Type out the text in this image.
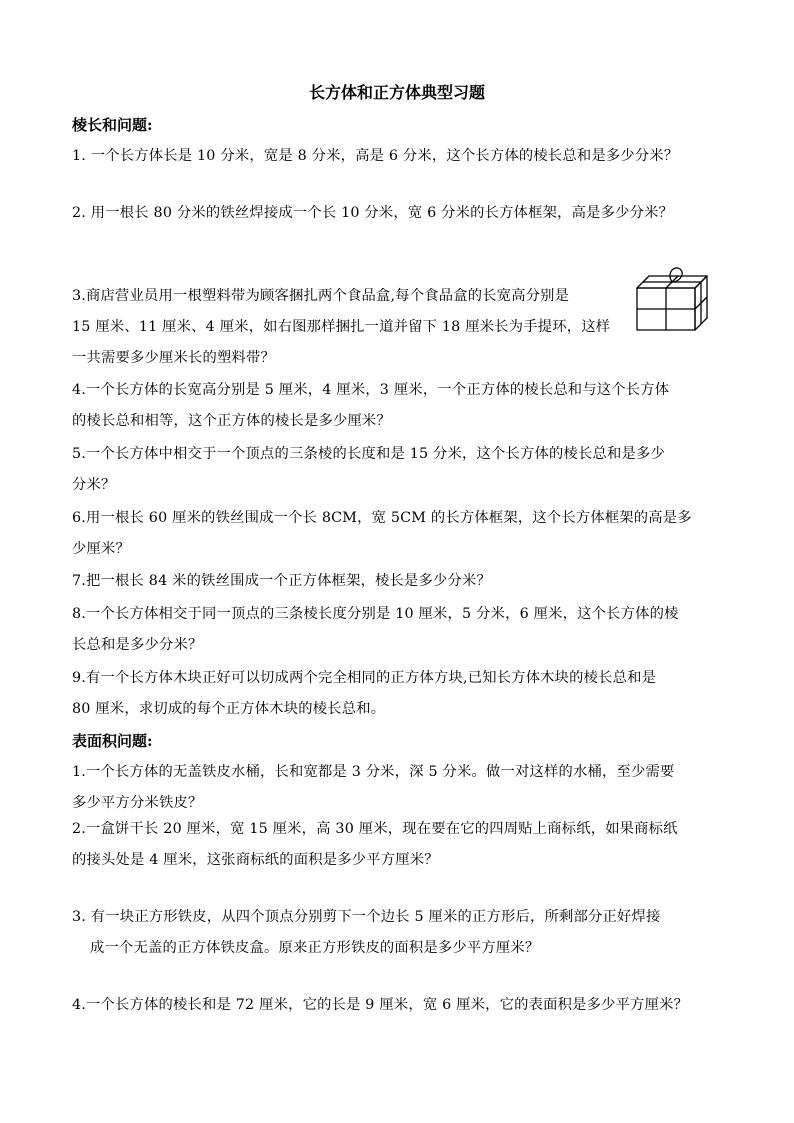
长方体和正方体典型习题
棱长和问题:
1. 一个长方体长是 10 分米，宽是 8 分米，高是 6 分米，这个长方体的棱长总和是多少分米？
2. 用一根长 80 分米的铁丝焊接成一个长 10 分米，宽 6 分米的长方体框架，高是多少分米？
3.商店营业员用一根塑料带为顾客捆扎两个食品盒,每个食品盒的长宽高分别是
15 厘米、11 厘米、4 厘米，如右图那样捆扎一道并留下 18 厘米长为手提环，这样
一共需要多少厘米长的塑料带？
4.一个长方体的长宽高分别是 5 厘米，4 厘米，3 厘米，一个正方体的棱长总和与这个长方体
的棱长总和相等，这个正方体的棱长是多少厘米？
5.一个长方体中相交于一个顶点的三条棱的长度和是 15 分米，这个长方体的棱长总和是多少
分米？
6.用一根长 60 厘米的铁丝围成一个长 8CM，宽 5CM 的长方体框架，这个长方体框架的高是多
少厘米？
7.把一根长 84 米的铁丝围成一个正方体框架，棱长是多少分米？
8.一个长方体相交于同一顶点的三条棱长度分别是 10 厘米，5 分米，6 厘米，这个长方体的棱
长总和是多少分米？
9.有一个长方体木块正好可以切成两个完全相同的正方体方块,已知长方体木块的棱长总和是
80 厘米，求切成的每个正方体木块的棱长总和。
表面积问题:
1.一个长方体的无盖铁皮水桶，长和宽都是 3 分米，深 5 分米。做一对这样的水桶，至少需要
多少平方分米铁皮？
2.一盒饼干长 20 厘米，宽 15 厘米，高 30 厘米，现在要在它的四周贴上商标纸，如果商标纸
的接头处是 4 厘米，这张商标纸的面积是多少平方厘米？
3. 有一块正方形铁皮，从四个顶点分别剪下一个边长 5 厘米的正方形后，所剩部分正好焊接
成一个无盖的正方体铁皮盒。原来正方形铁皮的面积是多少平方厘米？
4.一个长方体的棱长和是 72 厘米，它的长是 9 厘米，宽 6 厘米，它的表面积是多少平方厘米？
